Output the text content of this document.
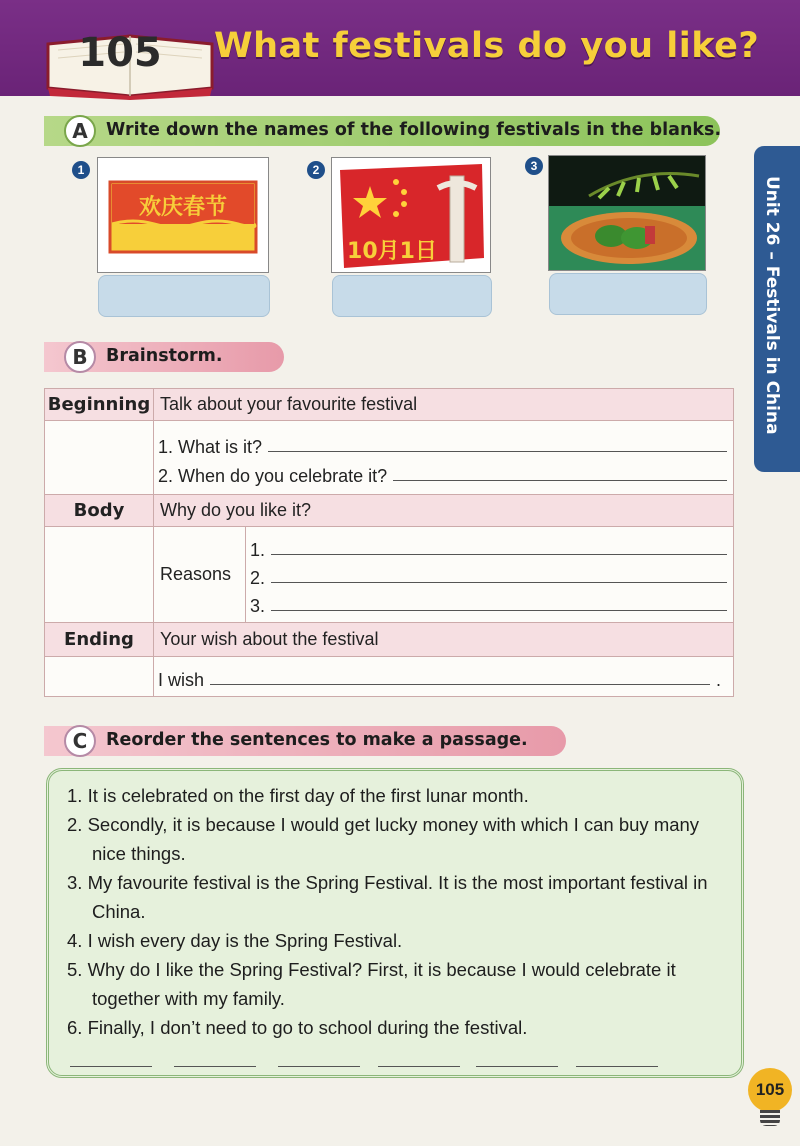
105	What festivals do you like?
Unit 26 – Festivals in China
A	Write down the names of the following festivals in the blanks.
1
欢庆春节
2
10月1日
3
B	Brainstorm.
Beginning	Talk about your favourite festival	

	1. What is it?
2. When do you celebrate it?	

Body	Why do you like it?	
	Reasons	1.
2.
3.

Ending	Your wish about the festival	

	I wish .	
C	Reorder the sentences to make a passage.
1. It is celebrated on the first day of the first lunar month.
2. Secondly, it is because I would get lucky money with which I can buy many nice things.
3. My favourite festival is the Spring Festival. It is the most important festival in China.
4. I wish every day is the Spring Festival.
5. Why do I like the Spring Festival? First, it is because I would celebrate it together with my family.
6. Finally, I don’t need to go to school during the festival.
105
